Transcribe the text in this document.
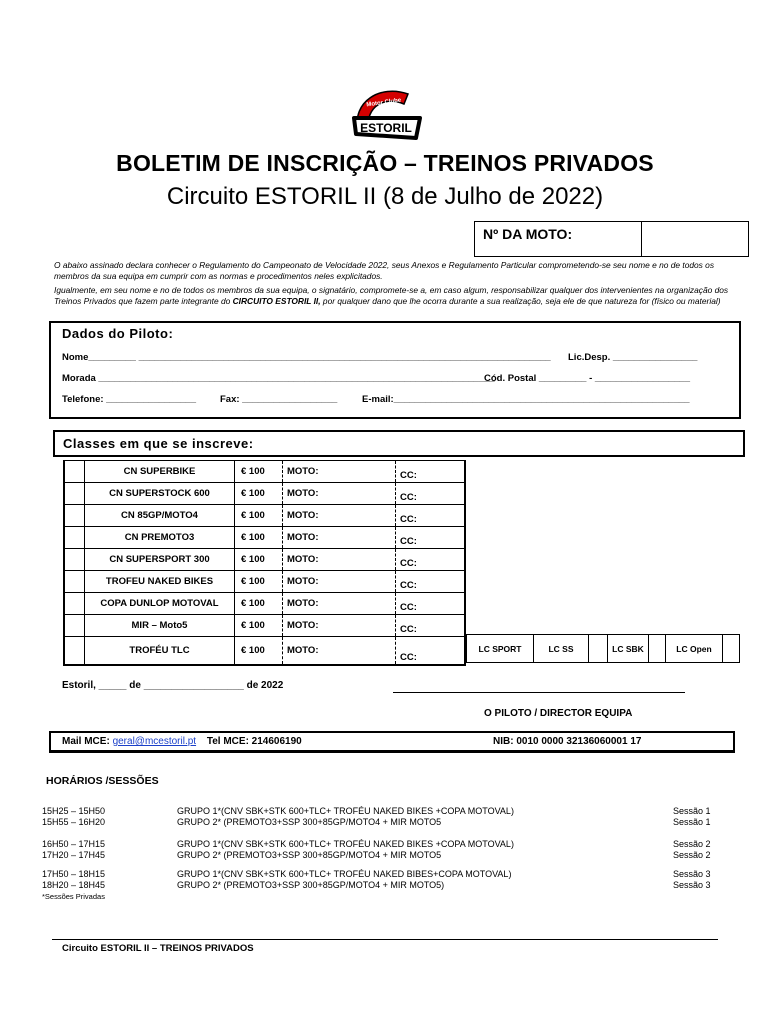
ESTORIL
Motor Clube
BOLETIM DE INSCRIÇÃO – TREINOS PRIVADOS
Circuito ESTORIL II (8 de Julho de 2022)
Nº DA MOTO:
O abaixo assinado declara conhecer o Regulamento do Campeonato de Velocidade 2022, seus Anexos e Regulamento Particular comprometendo-se seu nome e no de todos os membros da sua equipa em cumprir com as normas e procedimentos neles explicitados.
Igualmente, em seu nome e no de todos os membros da sua equipa, o signatário, compromete-se a, em caso algum, responsabilizar qualquer dos intervenientes na organização dos Treinos Privados que fazem parte integrante do CIRCUITO ESTORIL II, por qualquer dano que lhe ocorra durante a sua realização, seja ele de que natureza for (físico ou material)
Dados do Piloto:
Nome_________ ______________________________________________________________________________ Lic.Desp. ________________
Morada ___________________________________________________________________________
Cód. Postal _________ - __________________
Telefone: _________________	Fax: __________________	E-mail:________________________________________________________
Classes em que se inscreve:
	CN SUPERBIKE	€ 100	MOTO:	CC:
	CN SUPERSTOCK 600	€ 100	MOTO:	CC:
	CN 85GP/MOTO4	€ 100	MOTO:	CC:
	CN PREMOTO3	€ 100	MOTO:	CC:
	CN SUPERSPORT 300	€ 100	MOTO:	CC:
	TROFEU NAKED BIKES	€ 100	MOTO:	CC:
	COPA DUNLOP MOTOVAL	€ 100	MOTO:	CC:
	MIR – Moto5	€ 100	MOTO:	CC:
	TROFÉU TLC	€ 100	MOTO:	CC:
LC SPORT	LC SS	LC SBK	LC Open
Estoril, _____ de __________________ de 2022
O PILOTO / DIRECTOR EQUIPA
Mail MCE: geral@mcestoril.pt Tel MCE: 214606190	NIB: 0010 0000 32136060001 17
HORÁRIOS /SESSÕES
15H25 – 15H50	GRUPO 1*(CNV SBK+STK 600+TLC+ TROFÉU NAKED BIKES +COPA MOTOVAL)	Sessão 1
15H55 – 16H20	GRUPO 2* (PREMOTO3+SSP 300+85GP/MOTO4 + MIR MOTO5	Sessão 1
16H50 – 17H15	GRUPO 1*(CNV SBK+STK 600+TLC+ TROFÉU NAKED BIKES +COPA MOTOVAL)	Sessão 2
17H20 – 17H45	GRUPO 2* (PREMOTO3+SSP 300+85GP/MOTO4 + MIR MOTO5	Sessão 2
17H50 – 18H15	GRUPO 1*(CNV SBK+STK 600+TLC+ TROFÉU NAKED BIBES+COPA MOTOVAL)	Sessão 3
18H20 – 18H45	GRUPO 2* (PREMOTO3+SSP 300+85GP/MOTO4 + MIR MOTO5)	Sessão 3
*Sessões Privadas
Circuito ESTORIL II – TREINOS PRIVADOS
